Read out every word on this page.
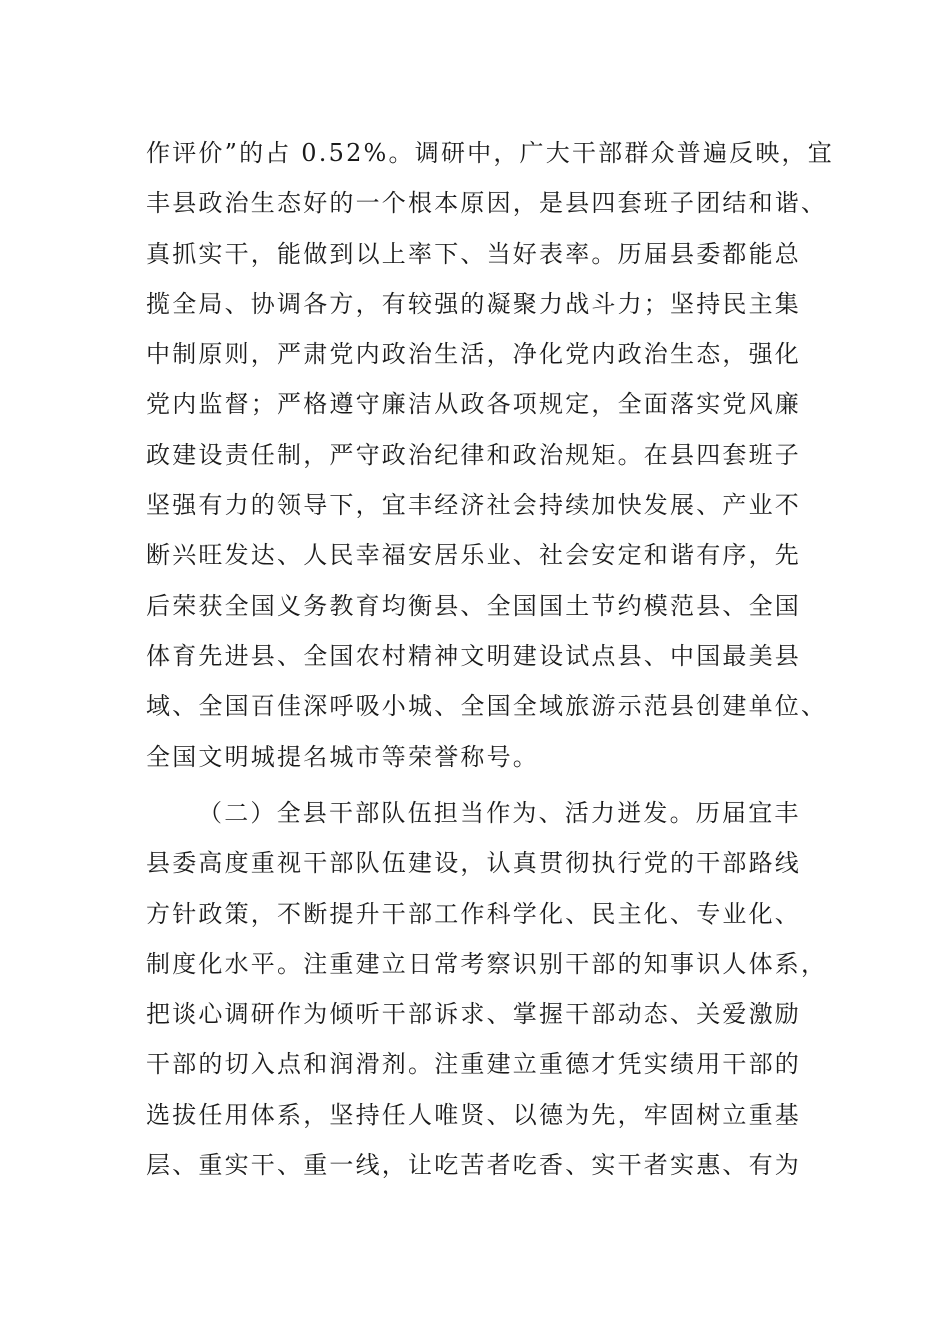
作评价”的占 0.52%。调研中，广大干部群众普遍反映，宜
丰县政治生态好的一个根本原因，是县四套班子团结和谐、
真抓实干，能做到以上率下、当好表率。历届县委都能总
揽全局、协调各方，有较强的凝聚力战斗力；坚持民主集
中制原则，严肃党内政治生活，净化党内政治生态，强化
党内监督；严格遵守廉洁从政各项规定，全面落实党风廉
政建设责任制，严守政治纪律和政治规矩。在县四套班子
坚强有力的领导下，宜丰经济社会持续加快发展、产业不
断兴旺发达、人民幸福安居乐业、社会安定和谐有序，先
后荣获全国义务教育均衡县、全国国土节约模范县、全国
体育先进县、全国农村精神文明建设试点县、中国最美县
域、全国百佳深呼吸小城、全国全域旅游示范县创建单位、
全国文明城提名城市等荣誉称号。
（二）全县干部队伍担当作为、活力迸发。历届宜丰
县委高度重视干部队伍建设，认真贯彻执行党的干部路线
方针政策，不断提升干部工作科学化、民主化、专业化、
制度化水平。注重建立日常考察识别干部的知事识人体系，
把谈心调研作为倾听干部诉求、掌握干部动态、关爱激励
干部的切入点和润滑剂。注重建立重德才凭实绩用干部的
选拔任用体系，坚持任人唯贤、以德为先，牢固树立重基
层、重实干、重一线，让吃苦者吃香、实干者实惠、有为
